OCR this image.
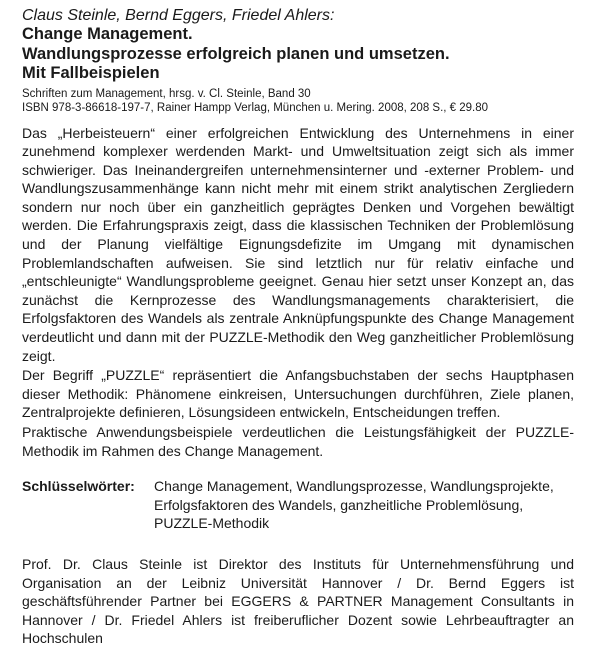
Claus Steinle, Bernd Eggers, Friedel Ahlers:
Change Management.
Wandlungsprozesse erfolgreich planen und umsetzen.
Mit Fallbeispielen
Schriften zum Management, hrsg. v. Cl. Steinle, Band 30
ISBN 978-3-86618-197-7, Rainer Hampp Verlag, München u. Mering. 2008, 208 S., € 29.80

Das „Herbeisteuern“ einer erfolgreichen Entwicklung des Unternehmens in einer zunehmend komplexer werdenden Markt- und Umweltsituation zeigt sich als immer schwieriger. Das Ineinandergreifen unternehmensinterner und -externer Problem- und Wandlungszusammenhänge kann nicht mehr mit einem strikt analytischen Zergliedern sondern nur noch über ein ganzheitlich geprägtes Denken und Vorgehen bewältigt werden. Die Erfahrungspraxis zeigt, dass die klassischen Techniken der Problemlösung und der Planung vielfältige Eignungsdefizite im Umgang mit dynamischen Problemlandschaften aufweisen. Sie sind letztlich nur für relativ einfache und „entschleunigte“ Wandlungsprobleme geeignet. Genau hier setzt unser Konzept an, das zunächst die Kernprozesse des Wandlungsmanagements charakterisiert, die Erfolgsfaktoren des Wandels als zentrale Anknüpfungspunkte des Change Management verdeutlicht und dann mit der PUZZLE-Methodik den Weg ganzheitlicher Problemlösung zeigt.

Der Begriff „PUZZLE“ repräsentiert die Anfangsbuchstaben der sechs Hauptphasen dieser Methodik: Phänomene einkreisen, Untersuchungen durchführen, Ziele planen, Zentralprojekte definieren, Lösungsideen entwickeln, Entscheidungen treffen.

Praktische Anwendungsbeispiele verdeutlichen die Leistungsfähigkeit der PUZZLE-Methodik im Rahmen des Change Management.

Schlüsselwörter:	Change Management, Wandlungsprozesse, Wandlungsprojekte, Erfolgsfaktoren des Wandels, ganzheitliche Problemlösung, PUZZLE-Methodik
Prof. Dr. Claus Steinle ist Direktor des Instituts für Unternehmensführung und Organisation an der Leibniz Universität Hannover / Dr. Bernd Eggers ist geschäftsführender Partner bei EGGERS & PARTNER Management Consultants in Hannover / Dr. Friedel Ahlers ist freiberuflicher Dozent sowie Lehrbeauftragter an Hochschulen
